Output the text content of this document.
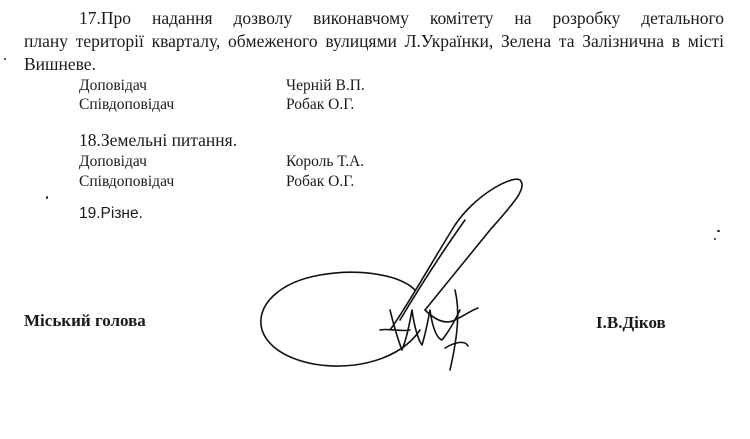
17.Про надання дозволу виконавчому комітету на розробку детального
плану території кварталу, обмеженого вулицями Л.Українки, Зелена та Залізнична в місті Вишневе.
Доповідач	Черній В.П.
Співдоповідач	Робак О.Г.
18.Земельні питання.
Доповідач	Король Т.А.
Співдоповідач	Робак О.Г.
19.Різне.
Міський голова	І.В.Діков
